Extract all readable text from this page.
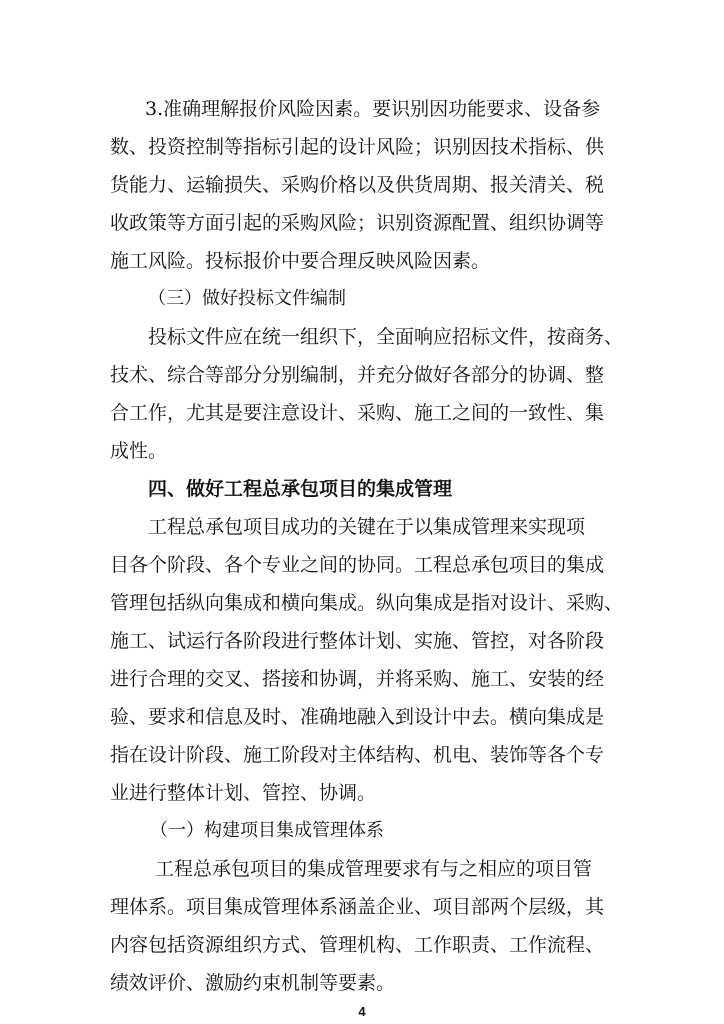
3.准确理解报价风险因素。要识别因功能要求、设备参

数、投资控制等指标引起的设计风险；识别因技术指标、供

货能力、运输损失、采购价格以及供货周期、报关清关、税

收政策等方面引起的采购风险；识别资源配置、组织协调等

施工风险。投标报价中要合理反映风险因素。

（三）做好投标文件编制

投标文件应在统一组织下，全面响应招标文件，按商务、

技术、综合等部分分别编制，并充分做好各部分的协调、整

合工作，尤其是要注意设计、采购、施工之间的一致性、集

成性。

四、做好工程总承包项目的集成管理

工程总承包项目成功的关键在于以集成管理来实现项

目各个阶段、各个专业之间的协同。工程总承包项目的集成

管理包括纵向集成和横向集成。纵向集成是指对设计、采购、

施工、试运行各阶段进行整体计划、实施、管控，对各阶段

进行合理的交叉、搭接和协调，并将采购、施工、安装的经

验、要求和信息及时、准确地融入到设计中去。横向集成是

指在设计阶段、施工阶段对主体结构、机电、装饰等各个专

业进行整体计划、管控、协调。

（一）构建项目集成管理体系

工程总承包项目的集成管理要求有与之相应的项目管

理体系。项目集成管理体系涵盖企业、项目部两个层级，其

内容包括资源组织方式、管理机构、工作职责、工作流程、

绩效评价、激励约束机制等要素。

4
